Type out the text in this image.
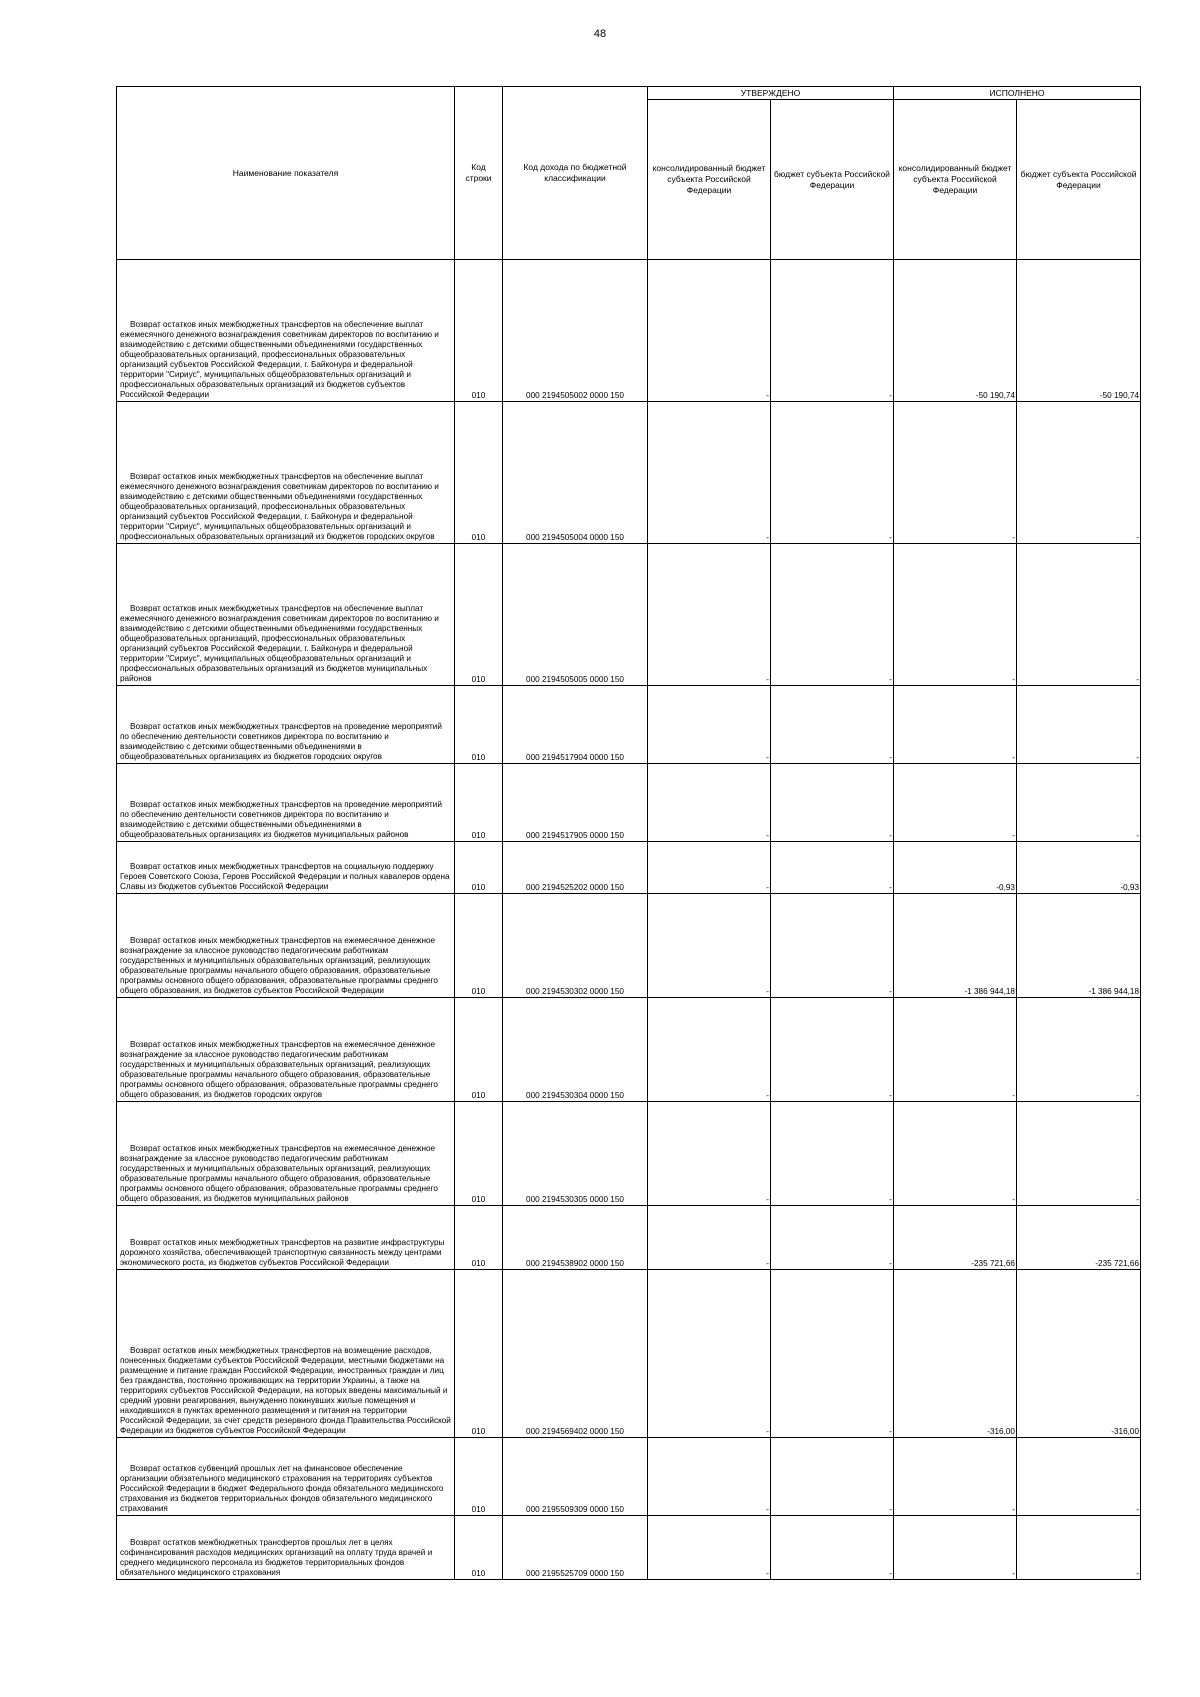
48
Наименование показателя	Код строки	Код дохода по бюджетной классификации	УТВЕРЖДЕНО		ИСПОЛНЕНО	
			консолидированный бюджет субъекта Российской Федерации	бюджет субъекта Российской Федерации	консолидированный бюджет субъекта Российской Федерации	бюджет субъекта Российской Федерации

Возврат остатков иных межбюджетных трансфертов на обеспечение выплат ежемесячного денежного вознаграждения советникам директоров по воспитанию и взаимодействию с детскими общественными объединениями государственных общеобразовательных организаций, профессиональных образовательных организаций субъектов Российской Федерации, г. Байконура и федеральной территории "Сириус", муниципальных общеобразовательных организаций и профессиональных образовательных организаций из бюджетов субъектов Российской Федерации	010	000 2194505002 0000 150	-	-	-50 190,74	-50 190,74

Возврат остатков иных межбюджетных трансфертов на обеспечение выплат ежемесячного денежного вознаграждения советникам директоров по воспитанию и взаимодействию с детскими общественными объединениями государственных общеобразовательных организаций, профессиональных образовательных организаций субъектов Российской Федерации, г. Байконура и федеральной территории "Сириус", муниципальных общеобразовательных организаций и профессиональных образовательных организаций из бюджетов городских округов	010	000 2194505004 0000 150	-	-	-	-

Возврат остатков иных межбюджетных трансфертов на обеспечение выплат ежемесячного денежного вознаграждения советникам директоров по воспитанию и взаимодействию с детскими общественными объединениями государственных общеобразовательных организаций, профессиональных образовательных организаций субъектов Российской Федерации, г. Байконура и федеральной территории "Сириус", муниципальных общеобразовательных организаций и профессиональных образовательных организаций из бюджетов муниципальных районов	010	000 2194505005 0000 150	-	-	-	-

Возврат остатков иных межбюджетных трансфертов на проведение мероприятий по обеспечению деятельности советников директора по воспитанию и взаимодействию с детскими общественными объединениями в общеобразовательных организациях из бюджетов городских округов	010	000 2194517904 0000 150	-	-	-	-

Возврат остатков иных межбюджетных трансфертов на проведение мероприятий по обеспечению деятельности советников директора по воспитанию и взаимодействию с детскими общественными объединениями в общеобразовательных организациях из бюджетов муниципальных районов	010	000 2194517905 0000 150	-	-	-	-

Возврат остатков иных межбюджетных трансфертов на социальную поддержку Героев Советского Союза, Героев Российской Федерации и полных кавалеров ордена Славы из бюджетов субъектов Российской Федерации	010	000 2194525202 0000 150	-	-	-0,93	-0,93

Возврат остатков иных межбюджетных трансфертов на ежемесячное денежное вознаграждение за классное руководство педагогическим работникам государственных и муниципальных образовательных организаций, реализующих образовательные программы начального общего образования, образовательные программы основного общего образования, образовательные программы среднего общего образования, из бюджетов субъектов Российской Федерации	010	000 2194530302 0000 150	-	-	-1 386 944,18	-1 386 944,18

Возврат остатков иных межбюджетных трансфертов на ежемесячное денежное вознаграждение за классное руководство педагогическим работникам государственных и муниципальных образовательных организаций, реализующих образовательные программы начального общего образования, образовательные программы основного общего образования, образовательные программы среднего общего образования, из бюджетов городских округов	010	000 2194530304 0000 150	-	-	-	-

Возврат остатков иных межбюджетных трансфертов на ежемесячное денежное вознаграждение за классное руководство педагогическим работникам государственных и муниципальных образовательных организаций, реализующих образовательные программы начального общего образования, образовательные программы основного общего образования, образовательные программы среднего общего образования, из бюджетов муниципальных районов	010	000 2194530305 0000 150	-	-	-	-

Возврат остатков иных межбюджетных трансфертов на развитие инфраструктуры дорожного хозяйства, обеспечивающей транспортную связанность между центрами экономического роста, из бюджетов субъектов Российской Федерации	010	000 2194538902 0000 150	-	-	-235 721,66	-235 721,66

Возврат остатков иных межбюджетных трансфертов на возмещение расходов, понесенных бюджетами субъектов Российской Федерации, местными бюджетами на размещение и питание граждан Российской Федерации, иностранных граждан и лиц без гражданства, постоянно проживающих на территории Украины, а также на территориях субъектов Российской Федерации, на которых введены максимальный и средний уровни реагирования, вынужденно покинувших жилые помещения и находившихся в пунктах временного размещения и питания на территории Российской Федерации, за счет средств резервного фонда Правительства Российской Федерации из бюджетов субъектов Российской Федерации	010	000 2194569402 0000 150	-	-	-316,00	-316,00

Возврат остатков субвенций прошлых лет на финансовое обеспечение организации обязательного медицинского страхования на территориях субъектов Российской Федерации в бюджет Федерального фонда обязательного медицинского страхования из бюджетов территориальных фондов обязательного медицинского страхования	010	000 2195509309 0000 150	-	-	-	-

Возврат остатков межбюджетных трансфертов прошлых лет в целях софинансирования расходов медицинских организаций на оплату труда врачей и среднего медицинского персонала из бюджетов территориальных фондов обязательного медицинского страхования	010	000 2195525709 0000 150	-	-	-	-
